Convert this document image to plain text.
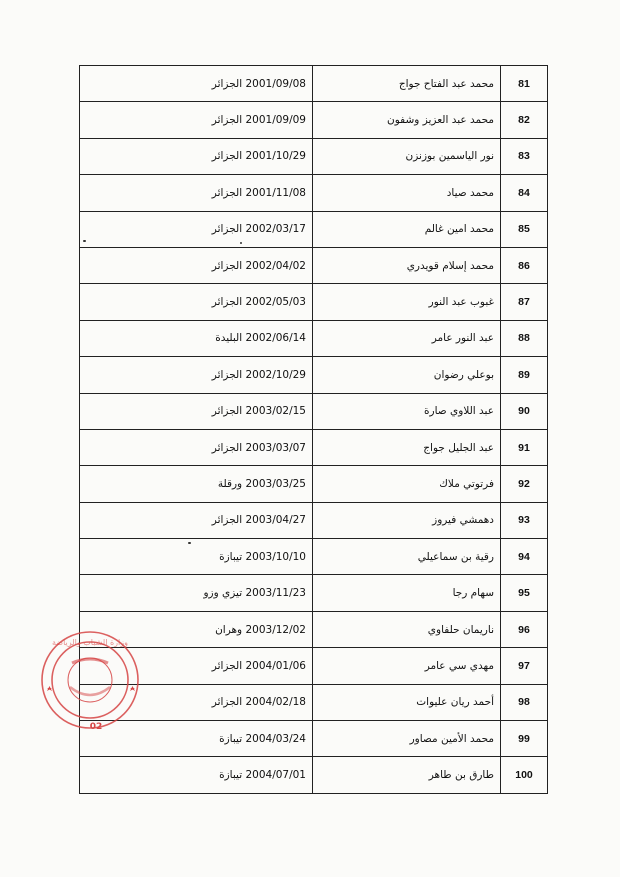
81	محمد عبد الفتاح جواج	2001/09/08 الجزائر
82	محمد عبد العزيز وشفون	2001/09/09 الجزائر
83	نور الياسمين بوزنزن	2001/10/29 الجزائر
84	محمد صياد	2001/11/08 الجزائر
85	محمد امين غالم	2002/03/17 الجزائر
86	محمد إسلام قويدري	2002/04/02 الجزائر
87	غبوب عبد النور	2002/05/03 الجزائر
88	عبد النور عامر	2002/06/14 البليدة
89	بوعلي رضوان	2002/10/29 الجزائر
90	عبد اللاوي صارة	2003/02/15 الجزائر
91	عبد الجليل جواج	2003/03/07 الجزائر
92	فرتوتي ملاك	2003/03/25 ورقلة
93	دهمشي فيروز	2003/04/27 الجزائر
94	رقية بن سماعيلي	2003/10/10 تيبازة
95	سهام رجا	2003/11/23 تيزي وزو
96	ناريمان حلفاوي	2003/12/02 وهران
97	مهدي سي عامر	2004/01/06 الجزائر
98	أحمد ريان عليوات	2004/02/18 الجزائر
99	محمد الأمين مصاور	2004/03/24 تيبازة
100	طارق بن طاهر	2004/07/01 تيبازة
وزارة الشباب والرياضة
02
